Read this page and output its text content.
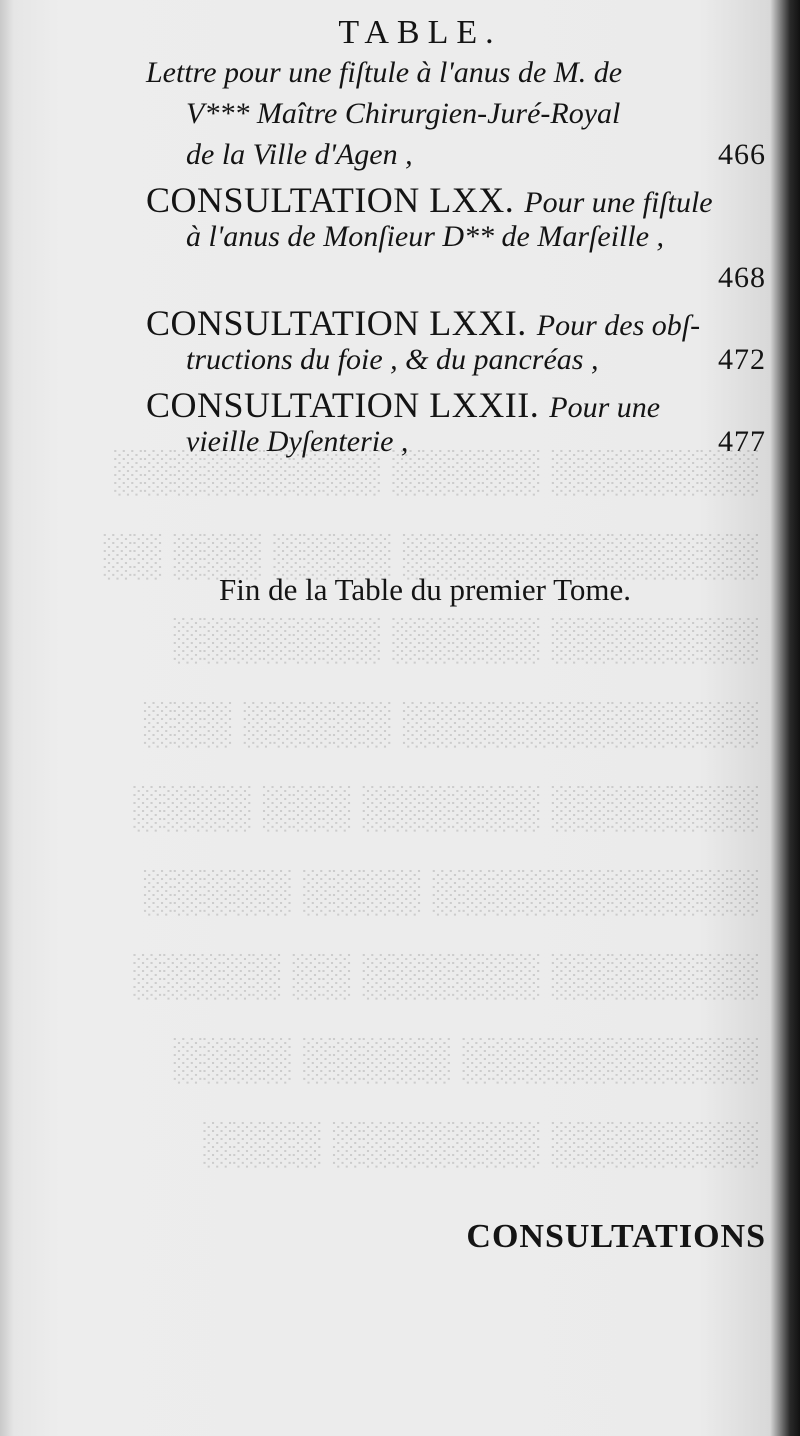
░░░░░░░ ░░░░░ ░░░░░░░░░
░░░░░░░░░░░░ ░░░░ ░░░ ░░
░░░░░░░ ░░░░░ ░░░░░░░
░░░░░░░░░░░░ ░░░░░ ░░░
░░░░░░░ ░░░░░░ ░░░ ░░░░
░░░░░░░░░░░ ░░░░ ░░░░░
░░░░░░░ ░░░░░░ ░░ ░░░░░
░░░░░░░░░░ ░░░░░ ░░░░
░░░░░░░ ░░░░░░░ ░░░░
TABLE.
Lettre pour une fiſtule à l'anus de M. de
V*** Maître Chirurgien-Juré-Royal
de la Ville d'Agen ,	466
CONSULTATION LXX. Pour une fiſtule
à l'anus de Monſieur D** de Marſeille ,
468
CONSULTATION LXXI. Pour des obſ-
tructions du foie , & du pancréas ,	472
CONSULTATION LXXII. Pour une
vieille Dyſenterie ,	477
Fin de la Table du premier Tome.
CONSULTATIONS
